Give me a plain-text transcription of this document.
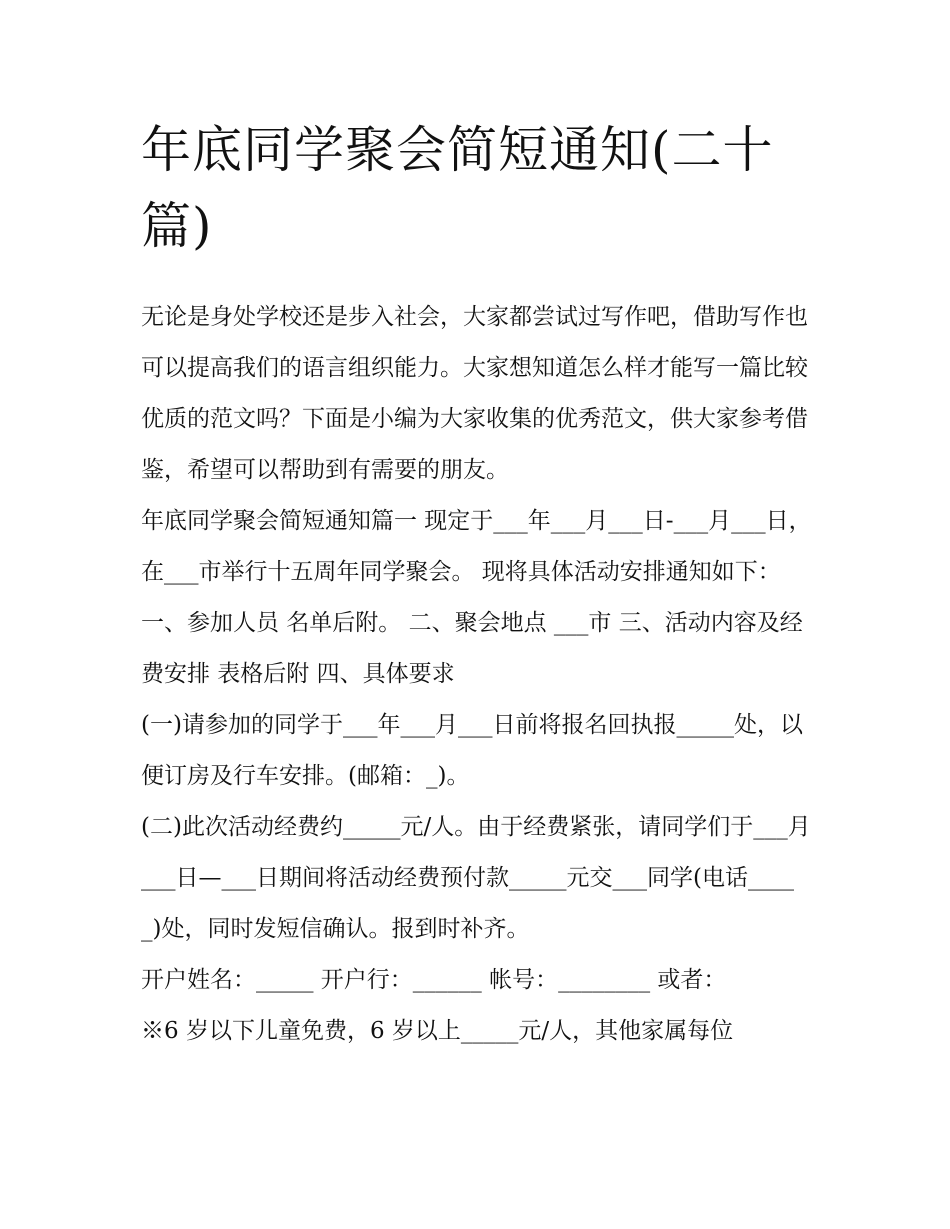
年底同学聚会简短通知(二十篇)

无论是身处学校还是步入社会，大家都尝试过写作吧，借助写作也可以提高我们的语言组织能力。大家想知道怎么样才能写一篇比较优质的范文吗？下面是小编为大家收集的优秀范文，供大家参考借鉴，希望可以帮助到有需要的朋友。

年底同学聚会简短通知篇一 现定于___年___月___日-___月___日，在___市举行十五周年同学聚会。 现将具体活动安排通知如下：

一、参加人员 名单后附。 二、聚会地点 ___市 三、活动内容及经费安排 表格后附 四、具体要求

(一)请参加的同学于___年___月___日前将报名回执报_____处，以便订房及行车安排。(邮箱：_)。

(二)此次活动经费约_____元/人。由于经费紧张，请同学们于___月___日—___日期间将活动经费预付款_____元交___同学(电话_____)处，同时发短信确认。报到时补齐。

开户姓名：_____ 开户行：______ 帐号：________ 或者：

※6 岁以下儿童免费，6 岁以上_____元/人，其他家属每位
